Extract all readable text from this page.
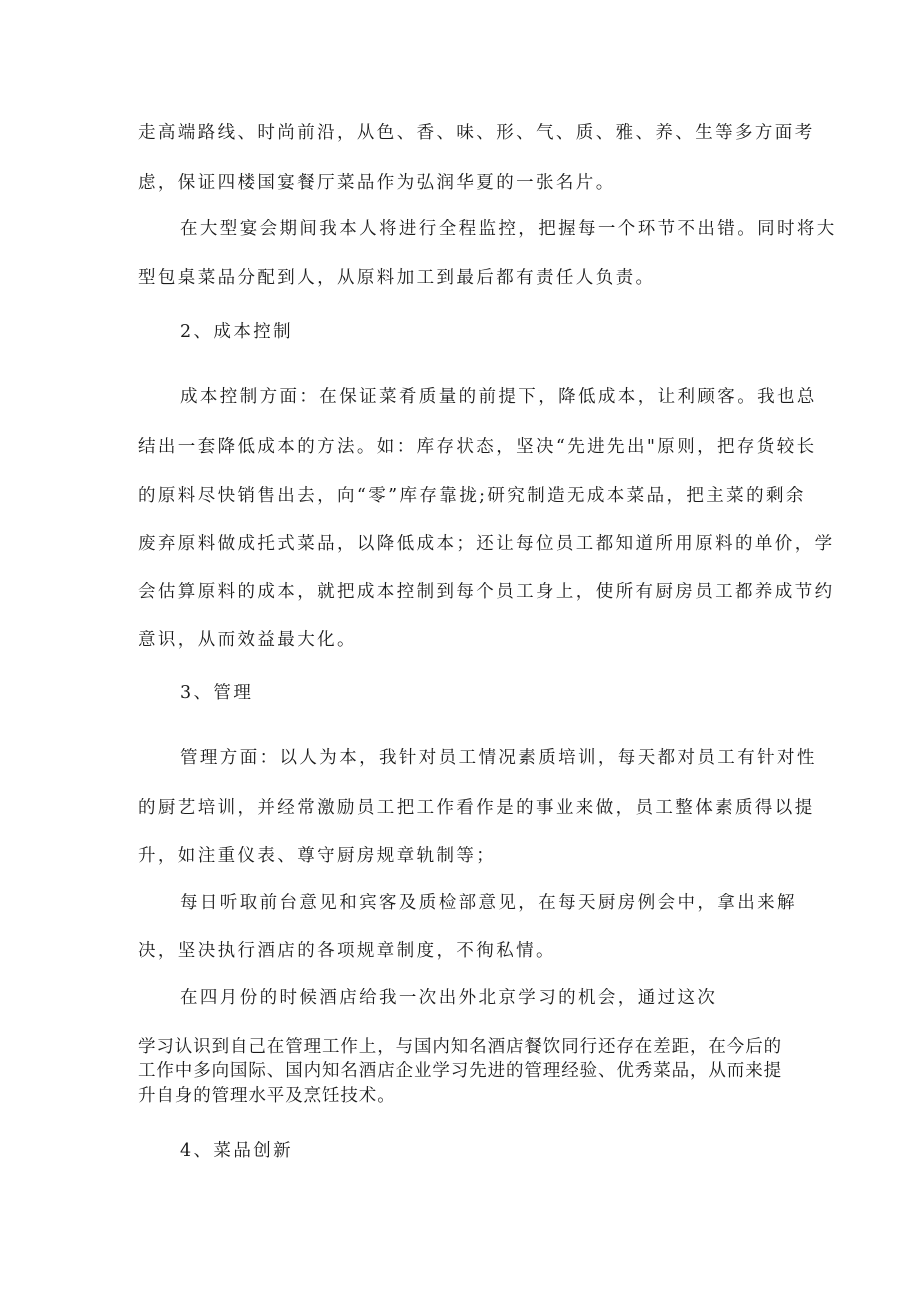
走高端路线、时尚前沿，从色、香、味、形、气、质、雅、养、生等多方面考
虑，保证四楼国宴餐厅菜品作为弘润华夏的一张名片。
在大型宴会期间我本人将进行全程监控，把握每一个环节不出错。同时将大
型包桌菜品分配到人，从原料加工到最后都有责任人负责。
2、成本控制
成本控制方面：在保证菜肴质量的前提下，降低成本，让利顾客。我也总
结出一套降低成本的方法。如：库存状态，坚决“先进先出"原则，把存货较长
的原料尽快销售出去，向“零”库存靠拢;研究制造无成本菜品，把主菜的剩余
废弃原料做成托式菜品，以降低成本；还让每位员工都知道所用原料的单价，学
会估算原料的成本，就把成本控制到每个员工身上，使所有厨房员工都养成节约
意识，从而效益最大化。
3、管理
管理方面：以人为本，我针对员工情况素质培训，每天都对员工有针对性
的厨艺培训，并经常激励员工把工作看作是的事业来做，员工整体素质得以提
升，如注重仪表、尊守厨房规章轨制等；
每日听取前台意见和宾客及质检部意见，在每天厨房例会中，拿出来解
决，坚决执行酒店的各项规章制度，不徇私情。
在四月份的时候酒店给我一次出外北京学习的机会，通过这次
学习认识到自己在管理工作上，与国内知名酒店餐饮同行还存在差距，在今后的
工作中多向国际、国内知名酒店企业学习先进的管理经验、优秀菜品，从而来提
升自身的管理水平及烹饪技术。
4、菜品创新
